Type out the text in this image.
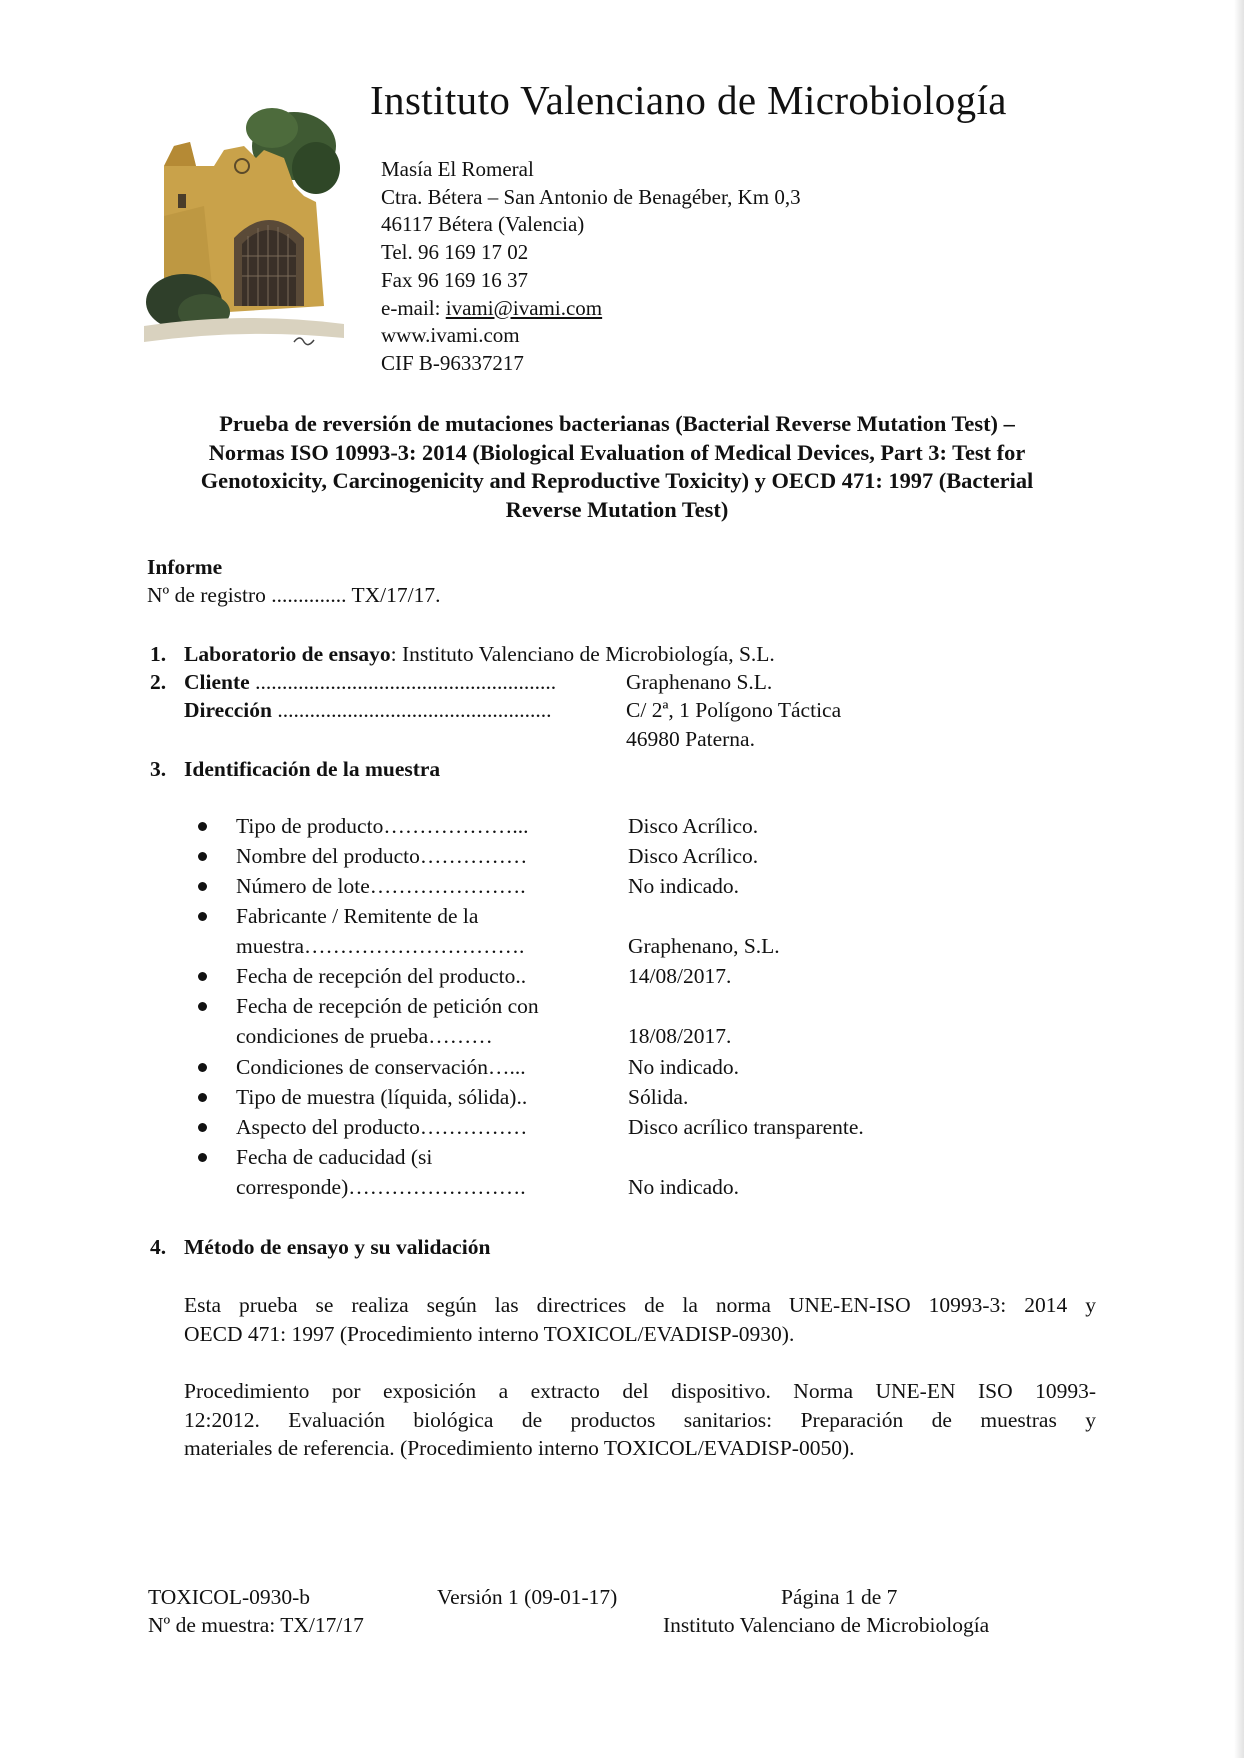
Instituto Valenciano de Microbiología
Masía El Romeral
Ctra. Bétera – San Antonio de Benagéber, Km 0,3
46117 Bétera (Valencia)
Tel. 96 169 17 02
Fax 96 169 16 37
e-mail: ivami@ivami.com
www.ivami.com
CIF B-96337217
Prueba de reversión de mutaciones bacterianas (Bacterial Reverse Mutation Test) –
Normas ISO 10993-3: 2014 (Biological Evaluation of Medical Devices, Part 3: Test for
Genotoxicity, Carcinogenicity and Reproductive Toxicity) y OECD 471: 1997 (Bacterial
Reverse Mutation Test)
Informe
Nº de registro .............. TX/17/17.
1. Laboratorio de ensayo: Instituto Valenciano de Microbiología, S.L.
2. Cliente ........................................................	Graphenano S.L.
Dirección ...................................................	C/ 2ª, 1 Polígono Táctica
46980 Paterna.
3. Identificación de la muestra
Tipo de producto………………...	Disco Acrílico.
Nombre del producto……………	Disco Acrílico.
Número de lote………………….	No indicado.
Fabricante / Remitente de la
muestra………………………….	Graphenano, S.L.
Fecha de recepción del producto..	14/08/2017.
Fecha de recepción de petición con
condiciones de prueba………	18/08/2017.
Condiciones de conservación…...	No indicado.
Tipo de muestra (líquida, sólida)..	Sólida.
Aspecto del producto……………	Disco acrílico transparente.
Fecha de caducidad (si
corresponde)…………………….	No indicado.
4. Método de ensayo y su validación
Esta prueba se realiza según las directrices de la norma UNE-EN-ISO 10993-3: 2014 y
OECD 471: 1997 (Procedimiento interno TOXICOL/EVADISP-0930).
Procedimiento por exposición a extracto del dispositivo. Norma UNE-EN ISO 10993-
12:2012. Evaluación biológica de productos sanitarios: Preparación de muestras y
materiales de referencia. (Procedimiento interno TOXICOL/EVADISP-0050).
TOXICOL-0930-b	Versión 1 (09-01-17)	Página 1 de 7
Nº de muestra: TX/17/17	Instituto Valenciano de Microbiología
